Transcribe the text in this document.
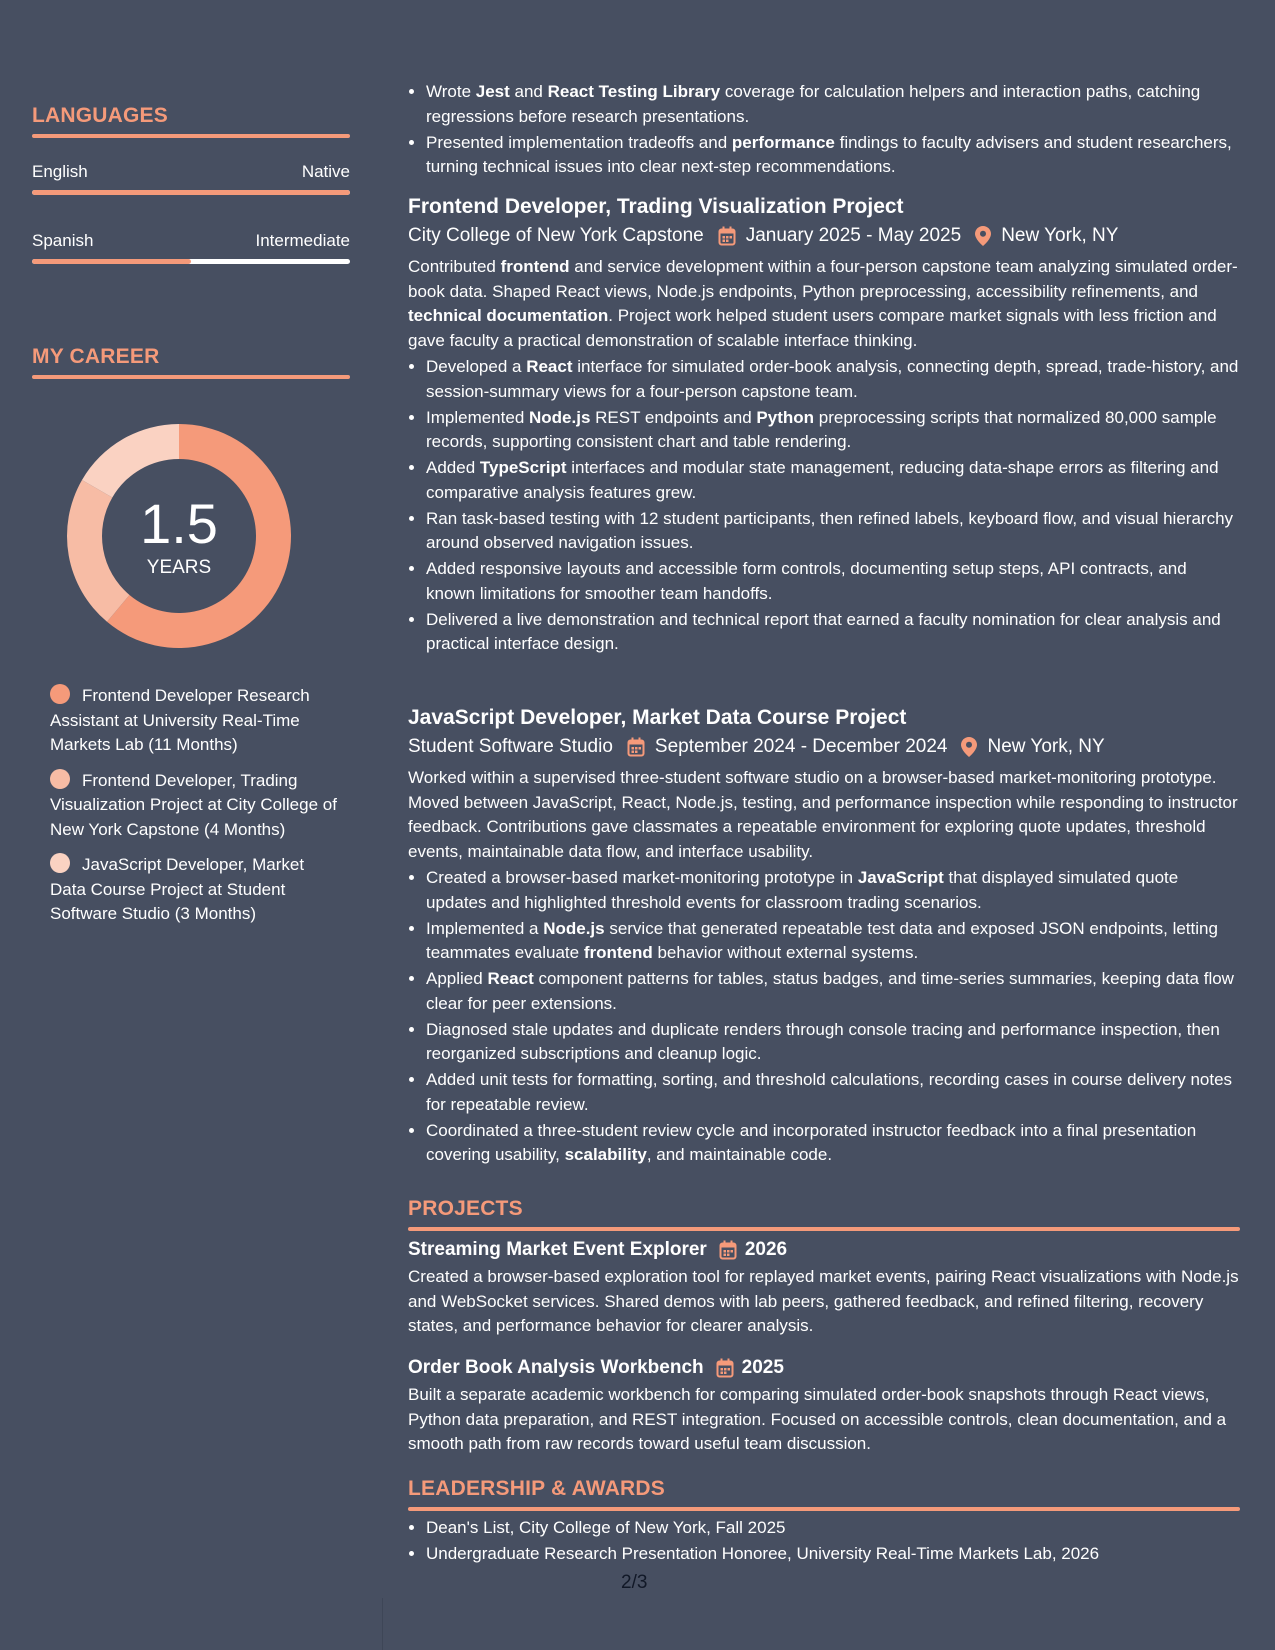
LANGUAGES
English	Native
Spanish	Intermediate
MY CAREER
1.5
YEARS
Frontend Developer Research Assistant at University Real-Time Markets Lab (11 Months)
Frontend Developer, Trading Visualization Project at City College of New York Capstone (4 Months)
JavaScript Developer, Market Data Course Project at Student Software Studio (3 Months)
• Wrote Jest and React Testing Library coverage for calculation helpers and interaction paths, catching regressions before research presentations.
• Presented implementation tradeoffs and performance findings to faculty advisers and student researchers, turning technical issues into clear next-step recommendations.
Frontend Developer, Trading Visualization Project
City College of New York Capstone January 2025 - May 2025 New York, NY
Contributed frontend and service development within a four-person capstone team analyzing simulated order-book data. Shaped React views, Node.js endpoints, Python preprocessing, accessibility refinements, and technical documentation. Project work helped student users compare market signals with less friction and gave faculty a practical demonstration of scalable interface thinking.
• Developed a React interface for simulated order-book analysis, connecting depth, spread, trade-history, and session-summary views for a four-person capstone team.
• Implemented Node.js REST endpoints and Python preprocessing scripts that normalized 80,000 sample records, supporting consistent chart and table rendering.
• Added TypeScript interfaces and modular state management, reducing data-shape errors as filtering and comparative analysis features grew.
• Ran task-based testing with 12 student participants, then refined labels, keyboard flow, and visual hierarchy around observed navigation issues.
• Added responsive layouts and accessible form controls, documenting setup steps, API contracts, and known limitations for smoother team handoffs.
• Delivered a live demonstration and technical report that earned a faculty nomination for clear analysis and practical interface design.
JavaScript Developer, Market Data Course Project
Student Software Studio September 2024 - December 2024 New York, NY
Worked within a supervised three-student software studio on a browser-based market-monitoring prototype. Moved between JavaScript, React, Node.js, testing, and performance inspection while responding to instructor feedback. Contributions gave classmates a repeatable environment for exploring quote updates, threshold events, maintainable data flow, and interface usability.
• Created a browser-based market-monitoring prototype in JavaScript that displayed simulated quote updates and highlighted threshold events for classroom trading scenarios.
• Implemented a Node.js service that generated repeatable test data and exposed JSON endpoints, letting teammates evaluate frontend behavior without external systems.
• Applied React component patterns for tables, status badges, and time-series summaries, keeping data flow clear for peer extensions.
• Diagnosed stale updates and duplicate renders through console tracing and performance inspection, then reorganized subscriptions and cleanup logic.
• Added unit tests for formatting, sorting, and threshold calculations, recording cases in course delivery notes for repeatable review.
• Coordinated a three-student review cycle and incorporated instructor feedback into a final presentation covering usability, scalability, and maintainable code.
PROJECTS
Streaming Market Event Explorer 2026
Created a browser-based exploration tool for replayed market events, pairing React visualizations with Node.js and WebSocket services. Shared demos with lab peers, gathered feedback, and refined filtering, recovery states, and performance behavior for clearer analysis.
Order Book Analysis Workbench 2025
Built a separate academic workbench for comparing simulated order-book snapshots through React views, Python data preparation, and REST integration. Focused on accessible controls, clean documentation, and a smooth path from raw records toward useful team discussion.
LEADERSHIP & AWARDS
• Dean's List, City College of New York, Fall 2025
• Undergraduate Research Presentation Honoree, University Real-Time Markets Lab, 2026
2/3
